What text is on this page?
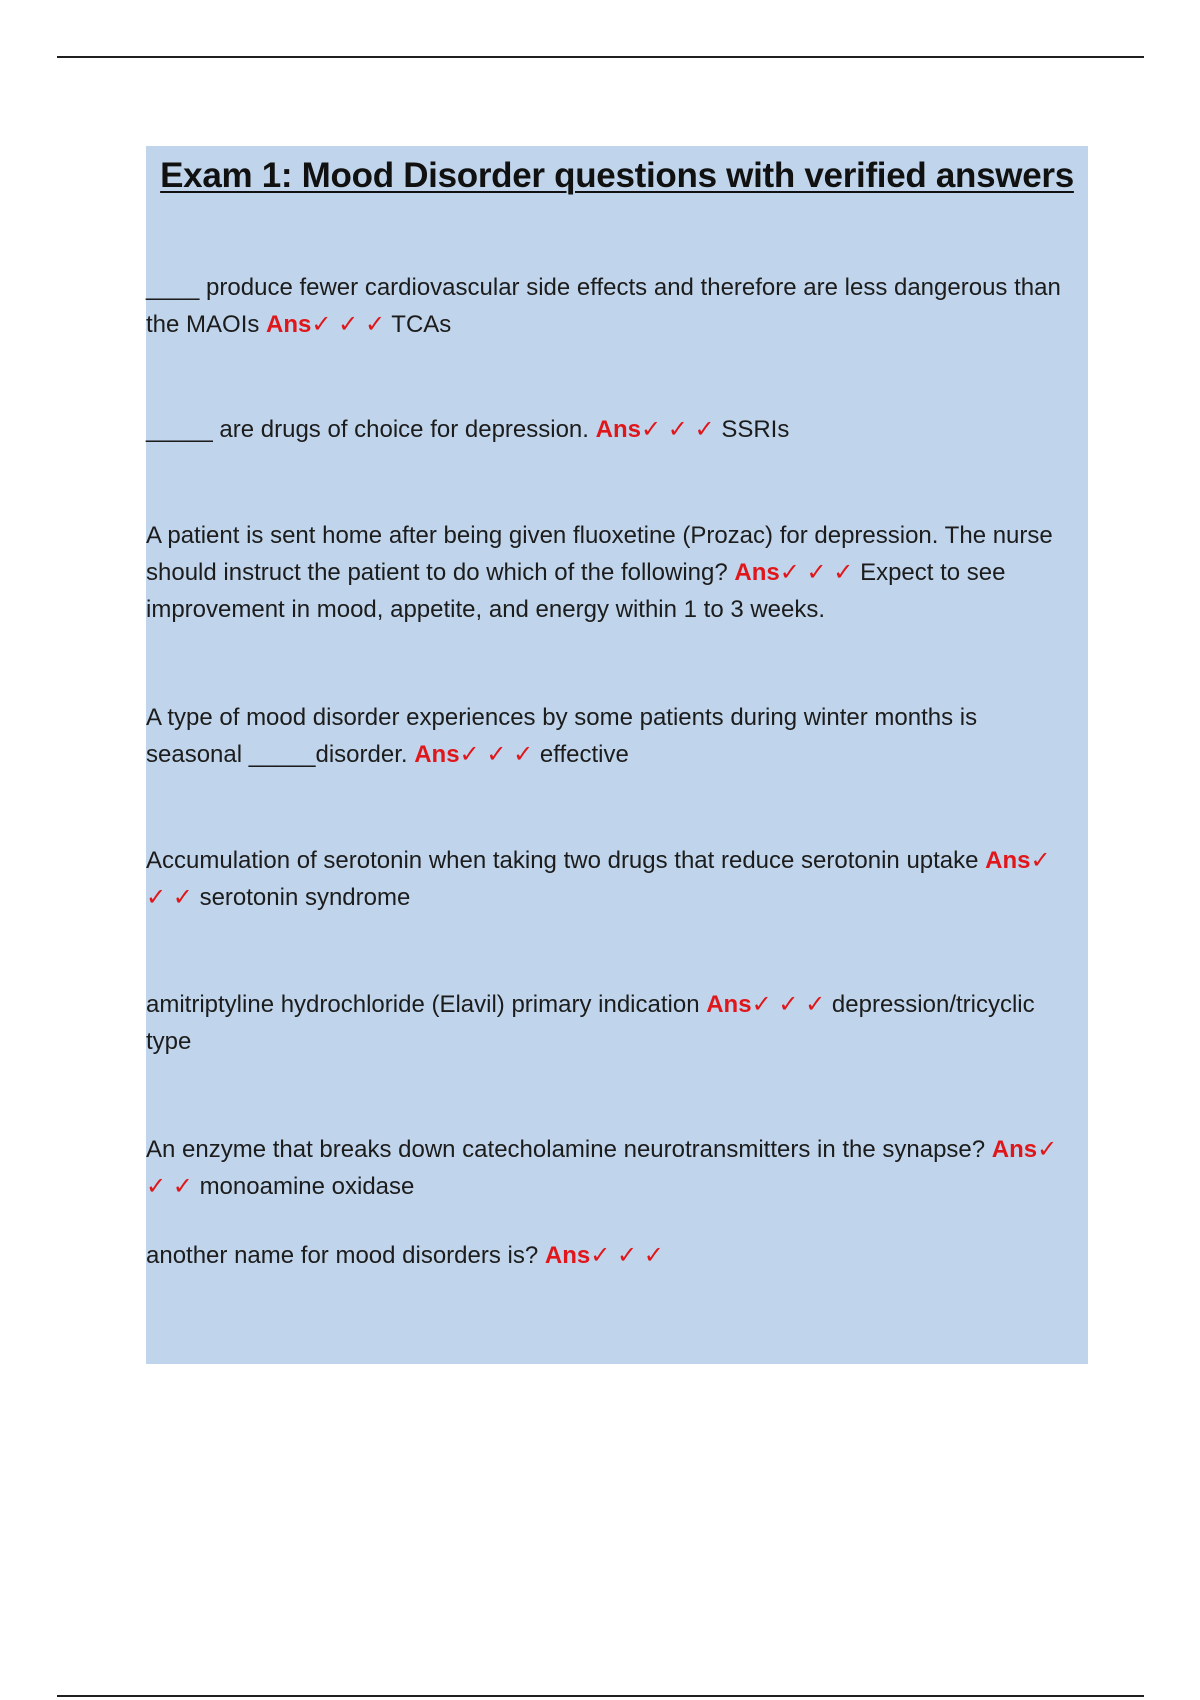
Exam 1: Mood Disorder questions with verified answers

____ produce fewer cardiovascular side effects and therefore are less dangerous than the MAOIs Ans✓ ✓ ✓ TCAs

_____ are drugs of choice for depression. Ans✓ ✓ ✓ SSRIs

A patient is sent home after being given fluoxetine (Prozac) for depression. The nurse should instruct the patient to do which of the following? Ans✓ ✓ ✓ Expect to see improvement in mood, appetite, and energy within 1 to 3 weeks.

A type of mood disorder experiences by some patients during winter months is seasonal _____disorder. Ans✓ ✓ ✓ effective

Accumulation of serotonin when taking two drugs that reduce serotonin uptake Ans✓ ✓ ✓ serotonin syndrome

amitriptyline hydrochloride (Elavil) primary indication Ans✓ ✓ ✓ depression/tricyclic type

An enzyme that breaks down catecholamine neurotransmitters in the synapse? Ans✓ ✓ ✓ monoamine oxidase

another name for mood disorders is? Ans✓ ✓ ✓
